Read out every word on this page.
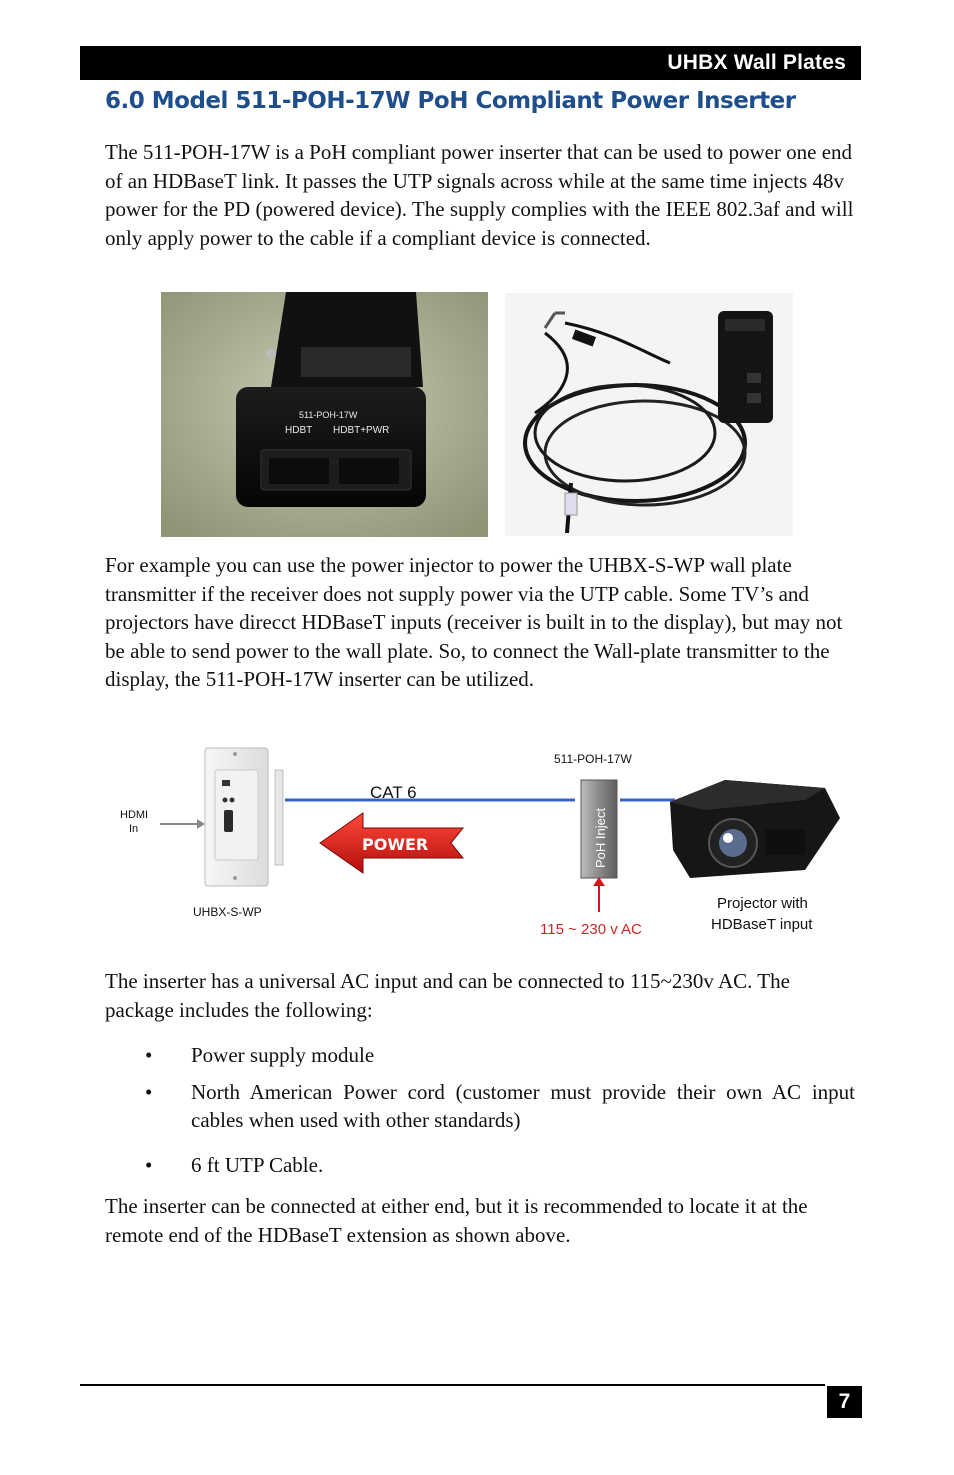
UHBX Wall Plates
6.0 Model 511-POH-17W PoH Compliant Power Inserter
The 511-POH-17W is a PoH compliant power inserter that can be used to power one end of an HDBaseT link. It passes the UTP signals across while at the same time injects 48v power for the PD (powered device). The supply complies with the IEEE 802.3af and will only apply power to the cable if a compliant device is connected.
511-POH-17W
HDBT HDBT+PWR
For example you can use the power injector to power the UHBX-S-WP wall plate transmitter if the receiver does not supply power via the UTP cable. Some TV’s and projectors have direcct HDBaseT inputs (receiver is built in to the display), but may not be able to send power to the wall plate. So, to connect the Wall-plate transmitter to the display, the 511-POH-17W inserter can be utilized.
HDMI
In
UHBX-S-WP
CAT 6
POWER
511-POH-17W
PoH Inject
115 ~ 230 v AC
Projector with
HDBaseT input
The inserter has a universal AC input and can be connected to 115~230v AC. The package includes the following:
• Power supply module
• North American Power cord (customer must provide their own AC input cables when used with other standards)
• 6 ft UTP Cable.
The inserter can be connected at either end, but it is recommended to locate it at the remote end of the HDBaseT extension as shown above.
7
